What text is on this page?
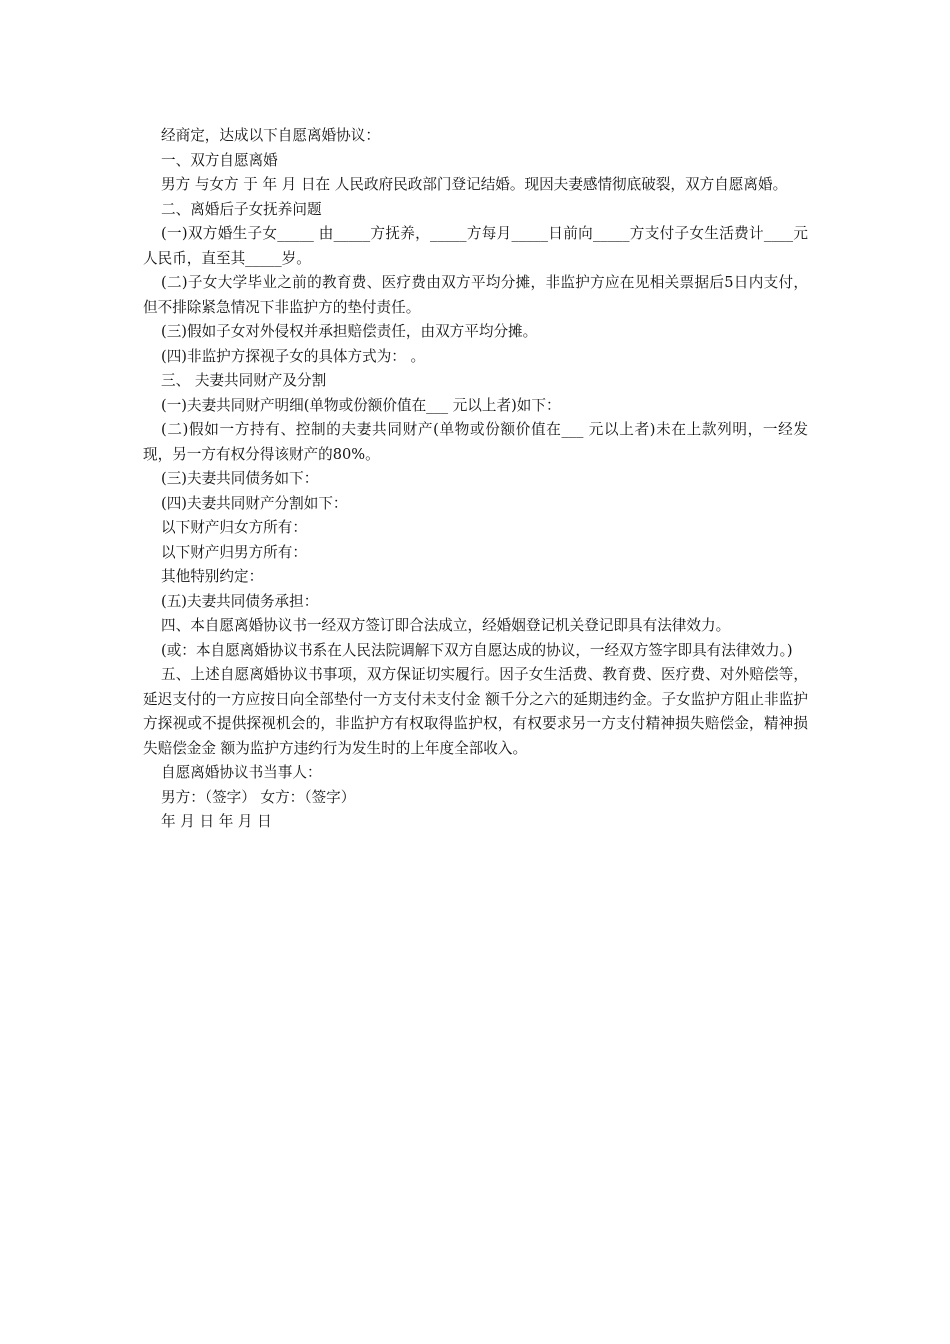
经商定，达成以下自愿离婚协议：

一、双方自愿离婚

男方 与女方 于 年 月 日在 人民政府民政部门登记结婚。现因夫妻感情彻底破裂，双方自愿离婚。

二、离婚后子女抚养问题

(一)双方婚生子女_____ 由_____方抚养，_____方每月_____日前向_____方支付子女生活费计____元人民币，直至其_____岁。

(二)子女大学毕业之前的教育费、医疗费由双方平均分摊，非监护方应在见相关票据后5日内支付，但不排除紧急情况下非监护方的垫付责任。

(三)假如子女对外侵权并承担赔偿责任，由双方平均分摊。

(四)非监护方探视子女的具体方式为： 。

三、 夫妻共同财产及分割

(一)夫妻共同财产明细(单物或份额价值在___ 元以上者)如下：

(二)假如一方持有、控制的夫妻共同财产(单物或份额价值在___ 元以上者)未在上款列明，一经发现，另一方有权分得该财产的80%。

(三)夫妻共同债务如下：

(四)夫妻共同财产分割如下：

以下财产归女方所有：

以下财产归男方所有：

其他特别约定：

(五)夫妻共同债务承担：

四、本自愿离婚协议书一经双方签订即合法成立，经婚姻登记机关登记即具有法律效力。

(或：本自愿离婚协议书系在人民法院调解下双方自愿达成的协议，一经双方签字即具有法律效力。)

五、上述自愿离婚协议书事项，双方保证切实履行。因子女生活费、教育费、医疗费、对外赔偿等，延迟支付的一方应按日向全部垫付一方支付未支付金 额千分之六的延期违约金。子女监护方阻止非监护方探视或不提供探视机会的，非监护方有权取得监护权，有权要求另一方支付精神损失赔偿金，精神损失赔偿金金 额为监护方违约行为发生时的上年度全部收入。

自愿离婚协议书当事人：

男方：（签字） 女方：（签字）

年 月 日 年 月 日
